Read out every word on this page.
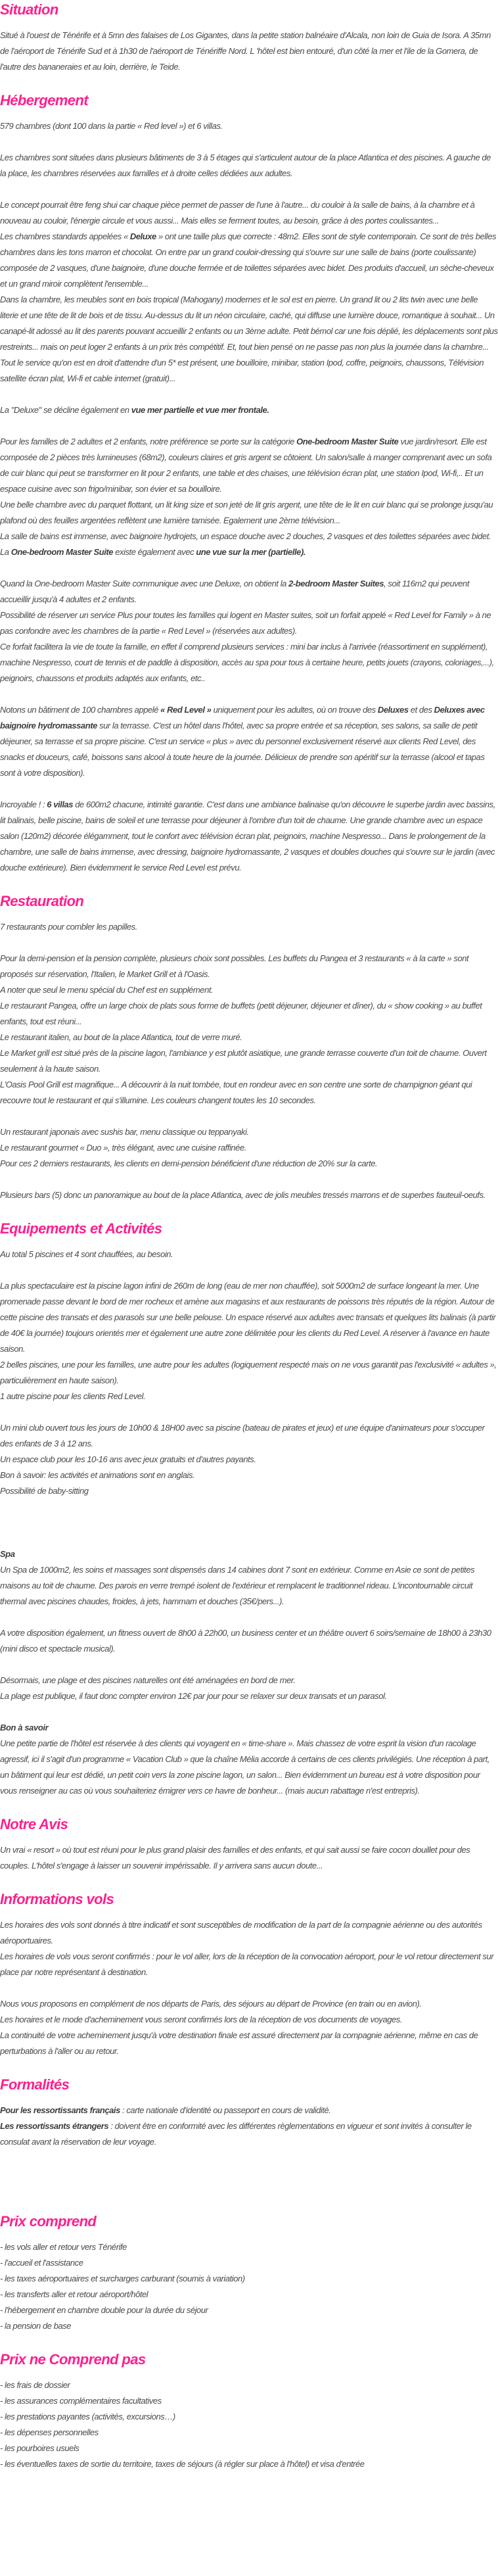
Situation

Situé à l'ouest de Ténérife et à 5mn des falaises de Los Gigantes, dans la petite station balnéaire d'Alcala, non loin de Guia de Isora. A 35mn de l'aéroport de Ténérife Sud et à 1h30 de l'aéroport de Ténériffe Nord. L 'hôtel est bien entouré, d'un côté la mer et l'ile de la Gomera, de l'autre des bananeraies et au loin, derrière, le Teide.

Hébergement

579 chambres (dont 100 dans la partie « Red level ») et 6 villas.

Les chambres sont situées dans plusieurs bâtiments de 3 à 5 étages qui s'articulent autour de la place Atlantica et des piscines. A gauche de la place, les chambres réservées aux familles et à droite celles dédiées aux adultes.

Le concept pourrait être feng shui car chaque pièce permet de passer de l'une à l'autre... du couloir à la salle de bains, à la chambre et à nouveau au couloir, l'énergie circule et vous aussi... Mais elles se ferment toutes, au besoin, grâce à des portes coulissantes...

Les chambres standards appelées « Deluxe » ont une taille plus que correcte : 48m2. Elles sont de style contemporain. Ce sont de très belles chambres dans les tons marron et chocolat. On entre par un grand couloir-dressing qui s'ouvre sur une salle de bains (porte coulissante) composée de 2 vasques, d'une baignoire, d'une douche fermée et de toilettes séparées avec bidet. Des produits d'accueil, un sèche-cheveux et un grand miroir complètent l'ensemble...

Dans la chambre, les meubles sont en bois tropical (Mahogany) modernes et le sol est en pierre. Un grand lit ou 2 lits twin avec une belle literie et une tête de lit de bois et de tissu. Au-dessus du lit un néon circulaire, caché, qui diffuse une lumière douce, romantique à souhait... Un canapé-lit adossé au lit des parents pouvant accueillir 2 enfants ou un 3ème adulte. Petit bémol car une fois déplié, les déplacements sont plus restreints... mais on peut loger 2 enfants à un prix très compétitif. Et, tout bien pensé on ne passe pas non plus la journée dans la chambre...

Tout le service qu'on est en droit d'attendre d'un 5* est présent, une bouilloire, minibar, station Ipod, coffre, peignoirs, chaussons, Télévision satellite écran plat, Wi-fi et cable internet (gratuit)...

La "Deluxe" se décline également en vue mer partielle et vue mer frontale.

Pour les familles de 2 adultes et 2 enfants, notre préférence se porte sur la catégorie One-bedroom Master Suite vue jardin/resort. Elle est composée de 2 pièces très lumineuses (68m2), couleurs claires et gris argent se côtoient. Un salon/salle à manger comprenant avec un sofa de cuir blanc qui peut se transformer en lit pour 2 enfants, une table et des chaises, une télévision écran plat, une station Ipod, Wi-fi,.. Et un espace cuisine avec son frigo/minibar, son évier et sa bouilloire.

Une belle chambre avec du parquet flottant, un lit king size et son jeté de lit gris argent, une tête de le lit en cuir blanc qui se prolonge jusqu'au plafond où des feuilles argentées reflètent une lumière tamisée. Egalement une 2ème télévision...

La salle de bains est immense, avec baignoire hydrojets, un espace douche avec 2 douches, 2 vasques et des toilettes séparées avec bidet.

La One-bedroom Master Suite existe également avec une vue sur la mer (partielle).

Quand la One-bedroom Master Suite communique avec une Deluxe, on obtient la 2-bedroom Master Suites, soit 116m2 qui peuvent accueillir jusqu'à 4 adultes et 2 enfants.

Possibilité de réserver un service Plus pour toutes les familles qui logent en Master suites, soit un forfait appelé « Red Level for Family » à ne pas confondre avec les chambres de la partie « Red Level » (réservées aux adultes).

Ce forfait facilitera la vie de toute la famille, en effet il comprend plusieurs services : mini bar inclus à l'arrivée (réassortiment en supplément), machine Nespresso, court de tennis et de paddle à disposition, accès au spa pour tous à certaine heure, petits jouets (crayons, coloriages,...), peignoirs, chaussons et produits adaptés aux enfants, etc..

Notons un bâtiment de 100 chambres appelé « Red Level » uniquement pour les adultes, où on trouve des Deluxes et des Deluxes avec baignoire hydromassante sur la terrasse. C'est un hôtel dans l'hôtel, avec sa propre entrée et sa réception, ses salons, sa salle de petit déjeuner, sa terrasse et sa propre piscine. C'est un service « plus » avec du personnel exclusivement réservé aux clients Red Level, des snacks et douceurs, café, boissons sans alcool à toute heure de la journée. Délicieux de prendre son apéritif sur la terrasse (alcool et tapas sont à votre disposition).

Incroyable ! : 6 villas de 600m2 chacune, intimité garantie. C'est dans une ambiance balinaise qu'on découvre le superbe jardin avec bassins, lit balinais, belle piscine, bains de soleil et une terrasse pour déjeuner à l'ombre d'un toit de chaume. Une grande chambre avec un espace salon (120m2) décorée élégamment, tout le confort avec télévision écran plat, peignoirs, machine Nespresso... Dans le prolongement de la chambre, une salle de bains immense, avec dressing, baignoire hydromassante, 2 vasques et doubles douches qui s'ouvre sur le jardin (avec douche extérieure). Bien évidemment le service Red Level est prévu.

Restauration

7 restaurants pour combler les papilles.

Pour la demi-pension et la pension complète, plusieurs choix sont possibles. Les buffets du Pangea et 3 restaurants « à la carte » sont proposés sur réservation, l'Italien, le Market Grill et à l'Oasis.

A noter que seul le menu spécial du Chef est en supplément.

Le restaurant Pangea, offre un large choix de plats sous forme de buffets (petit déjeuner, déjeuner et dîner), du « show cooking » au buffet enfants, tout est réuni...

Le restaurant italien, au bout de la place Atlantica, tout de verre muré.

Le Market grill est situé près de la piscine lagon, l'ambiance y est plutôt asiatique, une grande terrasse couverte d'un toit de chaume. Ouvert seulement à la haute saison.

L'Oasis Pool Grill est magnifique... A découvrir à la nuit tombée, tout en rondeur avec en son centre une sorte de champignon géant qui recouvre tout le restaurant et qui s'illumine. Les couleurs changent toutes les 10 secondes.

Un restaurant japonais avec sushis bar, menu classique ou teppanyaki.

Le restaurant gourmet « Duo », très élégant, avec une cuisine raffinée.

Pour ces 2 derniers restaurants, les clients en demi-pension bénéficient d'une réduction de 20% sur la carte.

Plusieurs bars (5) donc un panoramique au bout de la place Atlantica, avec de jolis meubles tressés marrons et de superbes fauteuil-oeufs.

Equipements et Activités

Au total 5 piscines et 4 sont chauffées, au besoin.

La plus spectaculaire est la piscine lagon infini de 260m de long (eau de mer non chauffée), soit 5000m2 de surface longeant la mer. Une promenade passe devant le bord de mer rocheux et amène aux magasins et aux restaurants de poissons très réputés de la région. Autour de cette piscine des transats et des parasols sur une belle pelouse. Un espace réservé aux adultes avec transats et quelques lits balinais (à partir de 40€ la journée) toujours orientés mer et également une autre zone délimitée pour les clients du Red Level. A réserver à l'avance en haute saison.

2 belles piscines, une pour les familles, une autre pour les adultes (logiquement respecté mais on ne vous garantit pas l'exclusivité « adultes », particulièrement en haute saison).

1 autre piscine pour les clients Red Level.

Un mini club ouvert tous les jours de 10h00 & 18H00 avec sa piscine (bateau de pirates et jeux) et une équipe d'animateurs pour s'occuper des enfants de 3 à 12 ans.

Un espace club pour les 10-16 ans avec jeux gratuits et d'autres payants.

Bon à savoir: les activités et animations sont en anglais.

Possibilité de baby-sitting

Spa

Un Spa de 1000m2, les soins et massages sont dispensés dans 14 cabines dont 7 sont en extérieur. Comme en Asie ce sont de petites maisons au toit de chaume. Des parois en verre trempé isolent de l'extérieur et remplacent le traditionnel rideau. L'incontournable circuit thermal avec piscines chaudes, froides, à jets, hammam et douches (35€/pers...).

A votre disposition également, un fitness ouvert de 8h00 à 22h00, un business center et un théâtre ouvert 6 soirs/semaine de 18h00 à 23h30 (mini disco et spectacle musical).

Désormais, une plage et des piscines naturelles ont été aménagées en bord de mer.

La plage est publique, il faut donc compter environ 12€ par jour pour se relaxer sur deux transats et un parasol.

Bon à savoir

Une petite partie de l'hôtel est réservée à des clients qui voyagent en « time-share ». Mais chassez de votre esprit la vision d'un racolage agressif, ici il s'agit d'un programme « Vacation Club » que la chaîne Mélia accorde à certains de ces clients privilégiés. Une réception à part, un bâtiment qui leur est dédié, un petit coin vers la zone piscine lagon, un salon... Bien évidemment un bureau est à votre disposition pour vous renseigner au cas où vous souhaiteriez émigrer vers ce havre de bonheur... (mais aucun rabattage n'est entrepris).

Notre Avis

Un vrai « resort » où tout est réuni pour le plus grand plaisir des familles et des enfants, et qui sait aussi se faire cocon douillet pour des couples. L'hôtel s'engage à laisser un souvenir impérissable. Il y arrivera sans aucun doute...

Informations vols

Les horaires des vols sont donnés à titre indicatif et sont susceptibles de modification de la part de la compagnie aérienne ou des autorités aéroportuaires.

Les horaires de vols vous seront confirmés : pour le vol aller, lors de la réception de la convocation aéroport, pour le vol retour directement sur place par notre représentant à destination.

Nous vous proposons en complément de nos départs de Paris, des séjours au départ de Province (en train ou en avion).

Les horaires et le mode d'acheminement vous seront confirmés lors de la réception de vos documents de voyages.

La continuité de votre acheminement jusqu'à votre destination finale est assuré directement par la compagnie aérienne, même en cas de perturbations à l'aller ou au retour.

Formalités

Pour les ressortissants français : carte nationale d'identité ou passeport en cours de validité.

Les ressortissants étrangers : doivent être en conformité avec les différentes règlementations en vigueur et sont invités à consulter le consulat avant la réservation de leur voyage.

Prix comprend
- les vols aller et retour vers Ténérife
- l'accueil et l'assistance
- les taxes aéroportuaires et surcharges carburant (soumis à variation)
- les transferts aller et retour aéroport/hôtel
- l'hébergement en chambre double pour la durée du séjour
- la pension de base
Prix ne Comprend pas
- les frais de dossier
- les assurances complémentaires facultatives
- les prestations payantes (activités, excursions…)
- les dépenses personnelles
- les pourboires usuels
- les éventuelles taxes de sortie du territoire, taxes de séjours (à régler sur place à l'hôtel) et visa d'entrée
